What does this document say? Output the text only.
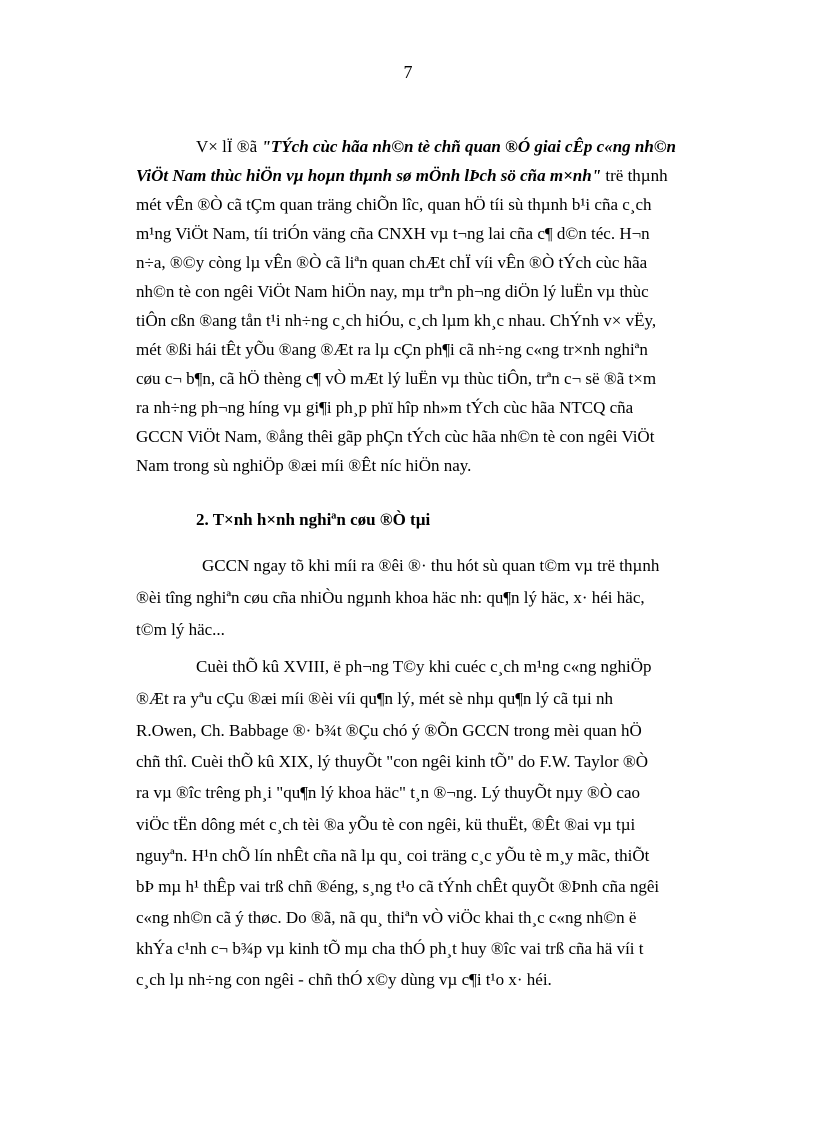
7
V× lÏ ®ã "TÝch cùc hãa nh©n tè chñ quan ®Ó giai cÊp c«ng nh©n
ViÖt Nam thùc hiÖn vµ hoµn thµnh sø mÖnh lÞch sö cña m×nh" trë thµnh
mét vÊn ®Ò cã tÇm quan träng chiÕn lîc, quan hÖ tíi sù thµnh b¹i cña c¸ch
m¹ng ViÖt Nam, tíi triÓn väng cña CNXH vµ t¬ng lai cña c¶ d©n téc. H¬n
n÷a, ®©y còng lµ vÊn ®Ò cã liªn quan chÆt chÏ víi vÊn ®Ò tÝch cùc hãa
nh©n tè con ngêi ViÖt Nam hiÖn nay, mµ trªn ph¬ng diÖn lý luËn vµ thùc
tiÔn cßn ®ang tån t¹i nh÷ng c¸ch hiÓu, c¸ch lµm kh¸c nhau. ChÝnh v× vËy,
mét ®ßi hái tÊt yÕu ®ang ®Æt ra lµ cÇn ph¶i cã nh÷ng c«ng tr×nh nghiªn
cøu c¬ b¶n, cã hÖ thèng c¶ vÒ mÆt lý luËn vµ thùc tiÔn, trªn c¬ së ®ã t×m
ra nh÷ng ph¬ng híng vµ gi¶i ph¸p phï hîp nh»m tÝch cùc hãa NTCQ cña
GCCN ViÖt Nam, ®ång thêi gãp phÇn tÝch cùc hãa nh©n tè con ngêi ViÖt
Nam trong sù nghiÖp ®æi míi ®Êt níc hiÖn nay.
2. T×nh h×nh nghiªn cøu ®Ò tµi
GCCN ngay tõ khi míi ra ®êi ®· thu hót sù quan t©m vµ trë thµnh
®èi tîng nghiªn cøu cña nhiÒu ngµnh khoa häc nh: qu¶n lý häc, x· héi häc,
t©m lý häc...
Cuèi thÕ kû XVIII, ë ph¬ng T©y khi cuéc c¸ch m¹ng c«ng nghiÖp
®Æt ra yªu cÇu ®æi míi ®èi víi qu¶n lý, mét sè nhµ qu¶n lý cã tµi nh
R.Owen, Ch. Babbage ®· b¾t ®Çu chó ý ®Õn GCCN trong mèi quan hÖ
chñ thî. Cuèi thÕ kû XIX, lý thuyÕt "con ngêi kinh tÕ" do F.W. Taylor ®Ò
ra vµ ®îc trêng ph¸i "qu¶n lý khoa häc" t¸n ®¬ng. Lý thuyÕt nµy ®Ò cao
viÖc tËn dông mét c¸ch tèi ®a yÕu tè con ngêi, kü thuËt, ®Êt ®ai vµ tµi
nguyªn. H¹n chÕ lín nhÊt cña nã lµ qu¸ coi träng c¸c yÕu tè m¸y mãc, thiÕt
bÞ mµ h¹ thÊp vai trß chñ ®éng, s¸ng t¹o cã tÝnh chÊt quyÕt ®Þnh cña ngêi
c«ng nh©n cã ý thøc. Do ®ã, nã qu¸ thiªn vÒ viÖc khai th¸c c«ng nh©n ë
khÝa c¹nh c¬ b¾p vµ kinh tÕ mµ cha thÓ ph¸t huy ®îc vai trß cña hä víi t
c¸ch lµ nh÷ng con ngêi - chñ thÓ x©y dùng vµ c¶i t¹o x· héi.
